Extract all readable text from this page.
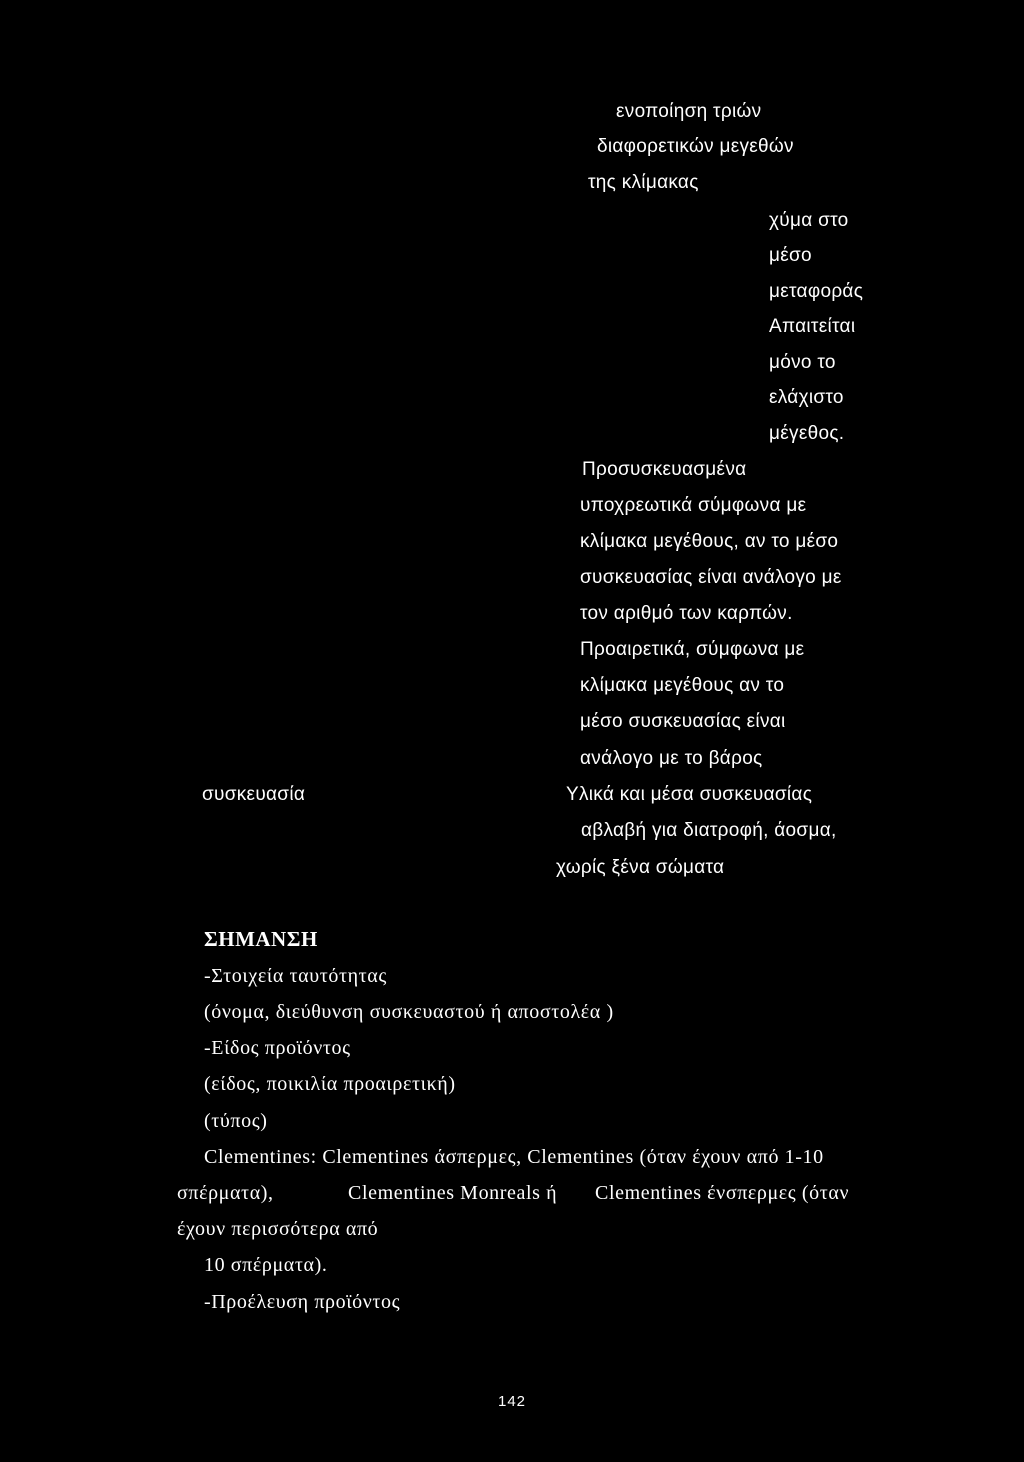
ενοποίηση τριών
διαφορετικών μεγεθών
της κλίμακας
χύμα στο
μέσο
μεταφοράς
Απαιτείται
μόνο το
ελάχιστο
μέγεθος.
Προσυσκευασμένα
υποχρεωτικά σύμφωνα με
κλίμακα μεγέθους, αν το μέσο
συσκευασίας είναι ανάλογο με
τον αριθμό των καρπών.
Προαιρετικά, σύμφωνα με
κλίμακα μεγέθους αν το
μέσο συσκευασίας είναι
ανάλογο με το βάρος
συσκευασία	Υλικά και μέσα συσκευασίας
αβλαβή για διατροφή, άοσμα,
χωρίς ξένα σώματα
ΣΗΜΑΝΣΗ
-Στοιχεία ταυτότητας
(όνομα, διεύθυνση συσκευαστού ή αποστολέα )
-Είδος προϊόντος
(είδος, ποικιλία προαιρετική)
(τύπος)
Clementines: Clementines άσπερμες, Clementines (όταν έχουν από 1-10
σπέρματα),	Clementines Monreals ή Clementines ένσπερμες (όταν
έχουν περισσότερα από
10 σπέρματα).
-Προέλευση προϊόντος
142
